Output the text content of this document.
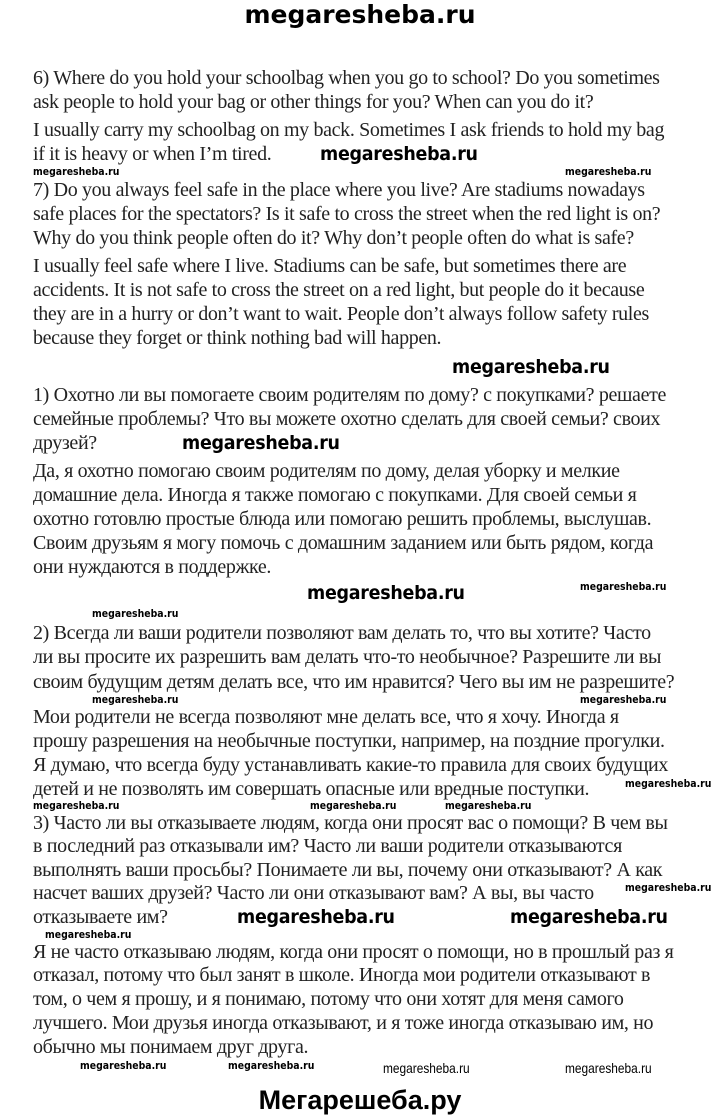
megaresheba.ru
6) Where do you hold your schoolbag when you go to school? Do you sometimes
ask people to hold your bag or other things for you? When can you do it?
I usually carry my schoolbag on my back. Sometimes I ask friends to hold my bag
if it is heavy or when I’m tired.
7) Do you always feel safe in the place where you live? Are stadiums nowadays
safe places for the spectators? Is it safe to cross the street when the red light is on?
Why do you think people often do it? Why don’t people often do what is safe?
I usually feel safe where I live. Stadiums can be safe, but sometimes there are
accidents. It is not safe to cross the street on a red light, but people do it because
they are in a hurry or don’t want to wait. People don’t always follow safety rules
because they forget or think nothing bad will happen.
1) Охотно ли вы помогаете своим родителям по дому? с покупками? решаете
семейные проблемы? Что вы можете охотно сделать для своей семьи? своих
друзей?
Да, я охотно помогаю своим родителям по дому, делая уборку и мелкие
домашние дела. Иногда я также помогаю с покупками. Для своей семьи я
охотно готовлю простые блюда или помогаю решить проблемы, выслушав.
Своим друзьям я могу помочь с домашним заданием или быть рядом, когда
они нуждаются в поддержке.
2) Всегда ли ваши родители позволяют вам делать то, что вы хотите? Часто
ли вы просите их разрешить вам делать что-то необычное? Разрешите ли вы
своим будущим детям делать все, что им нравится? Чего вы им не разрешите?
Мои родители не всегда позволяют мне делать все, что я хочу. Иногда я
прошу разрешения на необычные поступки, например, на поздние прогулки.
Я думаю, что всегда буду устанавливать какие-то правила для своих будущих
детей и не позволять им совершать опасные или вредные поступки.
3) Часто ли вы отказываете людям, когда они просят вас о помощи? В чем вы
в последний раз отказывали им? Часто ли ваши родители отказываются
выполнять ваши просьбы? Понимаете ли вы, почему они отказывают? А как
насчет ваших друзей? Часто ли они отказывают вам? А вы, вы часто
отказываете им?
Я не часто отказываю людям, когда они просят о помощи, но в прошлый раз я
отказал, потому что был занят в школе. Иногда мои родители отказывают в
том, о чем я прошу, и я понимаю, потому что они хотят для меня самого
лучшего. Мои друзья иногда отказывают, и я тоже иногда отказываю им, но
обычно мы понимаем друг друга.
megaresheba.ru
megaresheba.ru
megaresheba.ru
megaresheba.ru
megaresheba.ru
megaresheba.ru	megaresheba.ru
megaresheba.ru
megaresheba.ru
megaresheba.ru
megaresheba.ru	megaresheba.ru
megaresheba.ru
megaresheba.ru
megaresheba.ru
megaresheba.ru	megaresheba.ru
megaresheba.ru
megaresheba.ru	megaresheba.ru	megaresheba.ru	megaresheba.ru
Мегарешеба.ру
